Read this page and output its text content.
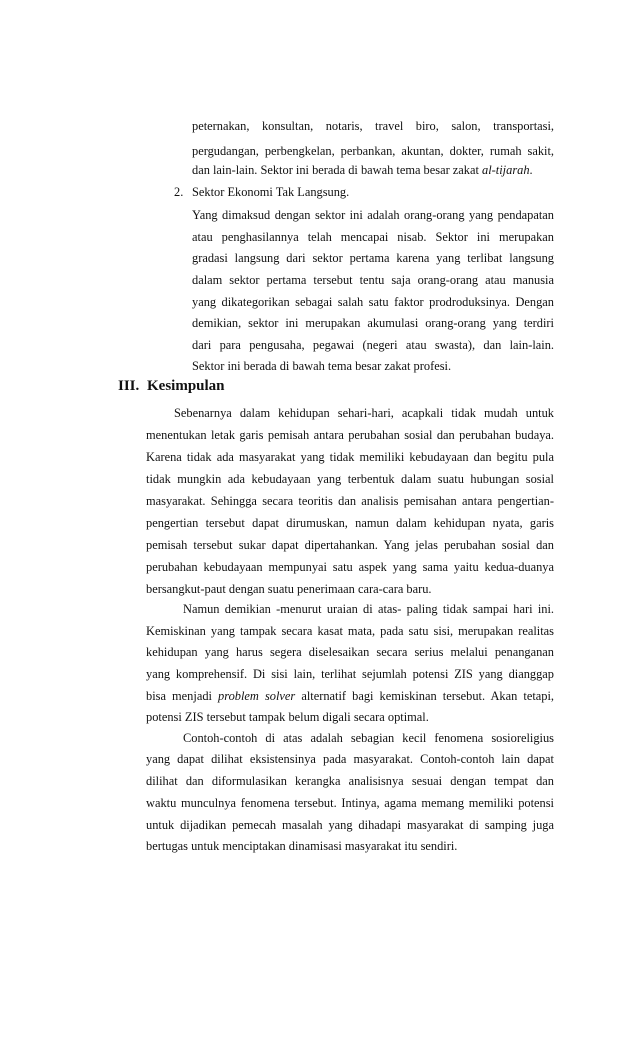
peternakan, konsultan, notaris, travel biro, salon, transportasi,
pergudangan, perbengkelan, perbankan, akuntan, dokter, rumah sakit,
dan lain-lain. Sektor ini berada di bawah tema besar zakat al-tijarah.
2. Sektor Ekonomi Tak Langsung.
Yang dimaksud dengan sektor ini adalah orang-orang yang pendapatan
atau penghasilannya telah mencapai nisab. Sektor ini merupakan
gradasi langsung dari sektor pertama karena yang terlibat langsung
dalam sektor pertama tersebut tentu saja orang-orang atau manusia
yang dikategorikan sebagai salah satu faktor prodroduksinya. Dengan
demikian, sektor ini merupakan akumulasi orang-orang yang terdiri
dari para pengusaha, pegawai (negeri atau swasta), dan lain-lain.
Sektor ini berada di bawah tema besar zakat profesi.
III. Kesimpulan
Sebenarnya dalam kehidupan sehari-hari, acapkali tidak mudah untuk
menentukan letak garis pemisah antara perubahan sosial dan perubahan budaya.
Karena tidak ada masyarakat yang tidak memiliki kebudayaan dan begitu pula
tidak mungkin ada kebudayaan yang terbentuk dalam suatu hubungan sosial
masyarakat. Sehingga secara teoritis dan analisis pemisahan antara pengertian-
pengertian tersebut dapat dirumuskan, namun dalam kehidupan nyata, garis
pemisah tersebut sukar dapat dipertahankan. Yang jelas perubahan sosial dan
perubahan kebudayaan mempunyai satu aspek yang sama yaitu kedua-duanya
bersangkut-paut dengan suatu penerimaan cara-cara baru.
Namun demikian -menurut uraian di atas- paling tidak sampai hari ini.
Kemiskinan yang tampak secara kasat mata, pada satu sisi, merupakan realitas
kehidupan yang harus segera diselesaikan secara serius melalui penanganan
yang komprehensif. Di sisi lain, terlihat sejumlah potensi ZIS yang dianggap
bisa menjadi problem solver alternatif bagi kemiskinan tersebut. Akan tetapi,
potensi ZIS tersebut tampak belum digali secara optimal.
Contoh-contoh di atas adalah sebagian kecil fenomena sosioreligius
yang dapat dilihat eksistensinya pada masyarakat. Contoh-contoh lain dapat
dilihat dan diformulasikan kerangka analisisnya sesuai dengan tempat dan
waktu munculnya fenomena tersebut. Intinya, agama memang memiliki potensi
untuk dijadikan pemecah masalah yang dihadapi masyarakat di samping juga
bertugas untuk menciptakan dinamisasi masyarakat itu sendiri.
